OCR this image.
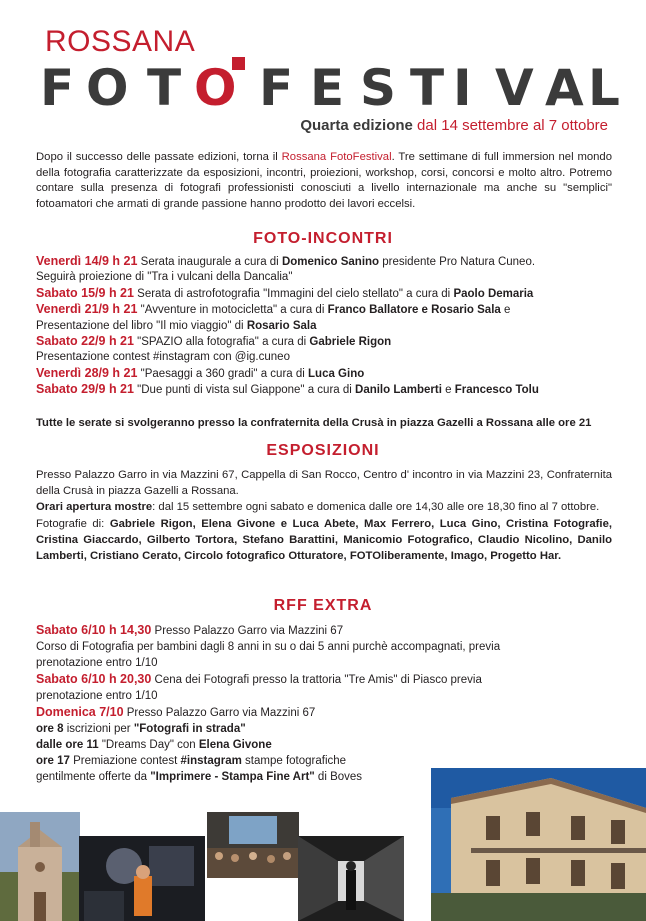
ROSSANA
F O T O F E S T I V A L
Quarta edizione dal 14 settembre al 7 ottobre
Dopo il successo delle passate edizioni, torna il Rossana FotoFestival. Tre settimane di full immersion nel mondo della fotografia caratterizzate da esposizioni, incontri, proiezioni, workshop, corsi, concorsi e molto altro. Potremo contare sulla presenza di fotografi professionisti conosciuti a livello internazionale ma anche su "semplici" fotoamatori che armati di grande passione hanno prodotto dei lavori eccelsi.
FOTO-INCONTRI
Venerdì 14/9 h 21 Serata inaugurale a cura di Domenico Sanino presidente Pro Natura Cuneo.
Seguirà proiezione di "Tra i vulcani della Dancalia"
Sabato 15/9 h 21 Serata di astrofotografia "Immagini del cielo stellato" a cura di Paolo Demaria
Venerdì 21/9 h 21 "Avventure in motocicletta" a cura di Franco Ballatore e Rosario Sala e
Presentazione del libro "Il mio viaggio" di Rosario Sala
Sabato 22/9 h 21 "SPAZIO alla fotografia" a cura di Gabriele Rigon
Presentazione contest #instagram con @ig.cuneo
Venerdì 28/9 h 21 "Paesaggi a 360 gradi" a cura di Luca Gino
Sabato 29/9 h 21 "Due punti di vista sul Giappone" a cura di Danilo Lamberti e Francesco Tolu
Tutte le serate si svolgeranno presso la confraternita della Crusà in piazza Gazelli a Rossana alle ore 21
ESPOSIZIONI
Presso Palazzo Garro in via Mazzini 67, Cappella di San Rocco, Centro d' incontro in via Mazzini 23, Confraternita della Crusà in piazza Gazelli a Rossana.
Orari apertura mostre: dal 15 settembre ogni sabato e domenica dalle ore 14,30 alle ore 18,30 fino al 7 ottobre.
Fotografie di: Gabriele Rigon, Elena Givone e Luca Abete, Max Ferrero, Luca Gino, Cristina Fotografie, Cristina Giaccardo, Gilberto Tortora, Stefano Barattini, Manicomio Fotografico, Claudio Nicolino, Danilo Lamberti, Cristiano Cerato, Circolo fotografico Otturatore, FOTOliberamente, Imago, Progetto Har.
RFF EXTRA
Sabato 6/10 h 14,30 Presso Palazzo Garro via Mazzini 67
Corso di Fotografia per bambini dagli 8 anni in su o dai 5 anni purchè accompagnati, previa
prenotazione entro 1/10
Sabato 6/10 h 20,30 Cena dei Fotografi presso la trattoria "Tre Amis" di Piasco previa
prenotazione entro 1/10
Domenica 7/10 Presso Palazzo Garro via Mazzini 67
ore 8 iscrizioni per "Fotografi in strada"
dalle ore 11 "Dreams Day" con Elena Givone
ore 17 Premiazione contest #instagram stampe fotografiche
gentilmente offerte da "Imprimere - Stampa Fine Art" di Boves
